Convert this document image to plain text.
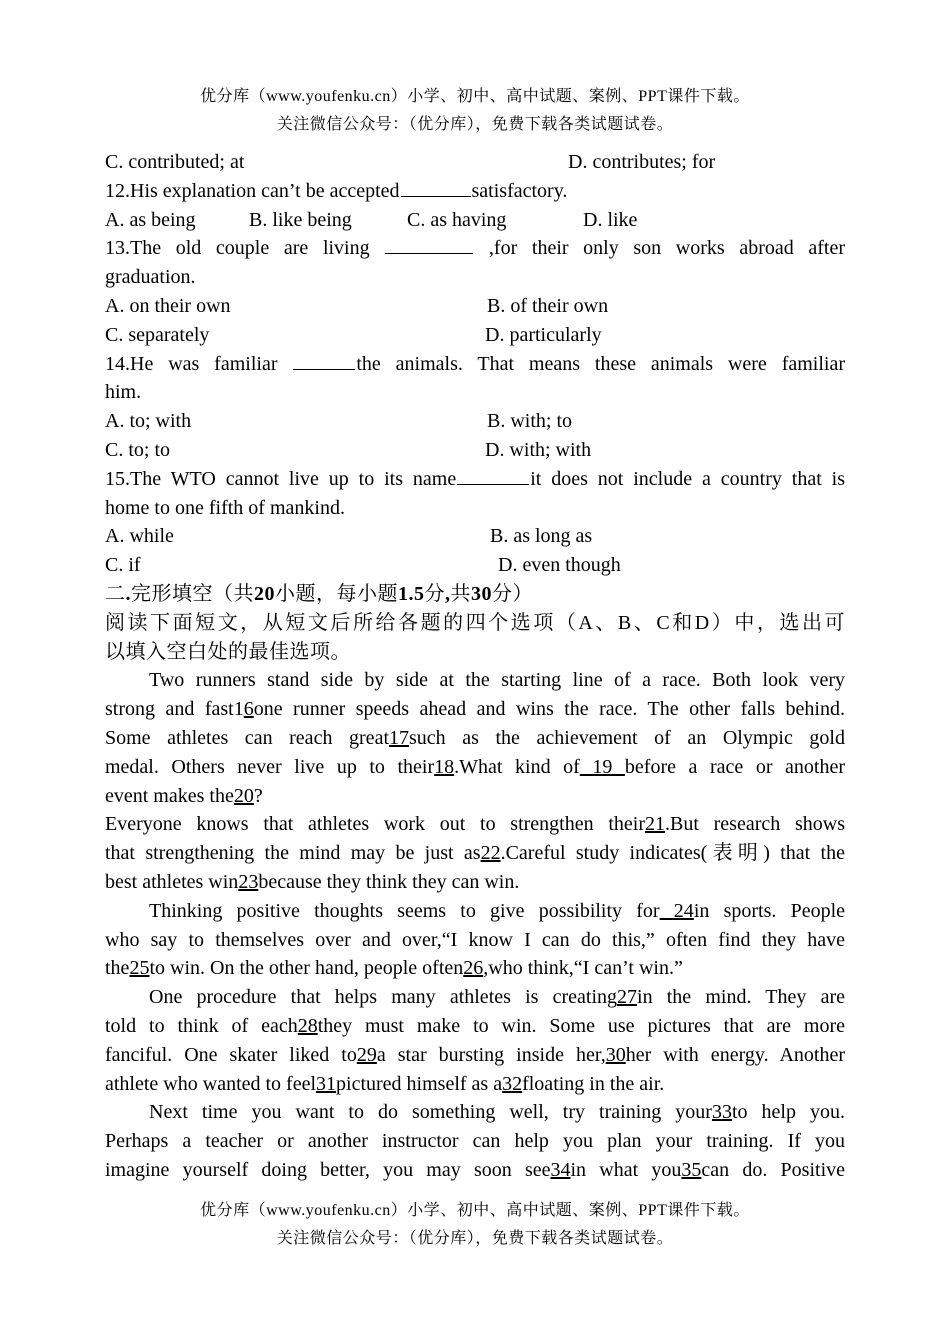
优分库（www.youfenku.cn）小学、初中、高中试题、案例、PPT课件下载。
关注微信公众号：（优分库），免费下载各类试题试卷。
C. contributed; at	D. contributes; for
12.His explanation can’t be accepted	satisfactory.
A. as being	B. like being	C. as having	D. like
13.The old couple are living	,for their only son works abroad after
graduation.
A. on their own	B. of their own
C. separately	D. particularly
14.He was familiar	the animals. That means these animals were familiar
him.
A. to; with	B. with; to
C. to; to	D. with; with
15.The WTO cannot live up to its name	it does not include a country that is
home to one fifth of mankind.
A. while	B. as long as
C. if	D. even though
二.完形填空（共20小题，每小题1.5分,共30分）
阅读下面短文，从短文后所给各题的四个选项（A、B、C和D）中，选出可
以填入空白处的最佳选项。
Two runners stand side by side at the starting line of a race. Both look very
strong and fast16one runner speeds ahead and wins the race. The other falls behind.
Some athletes can reach great17such as the achievement of an Olympic gold
medal. Others never live up to their18.What kind of 19 before a race or another
event makes the20?
Everyone knows that athletes work out to strengthen their21.But research shows
that strengthening the mind may be just as22.Careful study indicates(表明) that the
best athletes win23because they think they can win.
Thinking positive thoughts seems to give possibility for 24in sports. People
who say to themselves over and over,“I know I can do this,” often find they have
the25to win. On the other hand, people often26,who think,“I can’t win.”
One procedure that helps many athletes is creating27in the mind. They are
told to think of each28they must make to win. Some use pictures that are more
fanciful. One skater liked to29a star bursting inside her,30her with energy. Another
athlete who wanted to feel31pictured himself as a32floating in the air.
Next time you want to do something well, try training your33to help you.
Perhaps a teacher or another instructor can help you plan your training. If you
imagine yourself doing better, you may soon see34in what you35can do. Positive
优分库（www.youfenku.cn）小学、初中、高中试题、案例、PPT课件下载。
关注微信公众号：（优分库），免费下载各类试题试卷。
